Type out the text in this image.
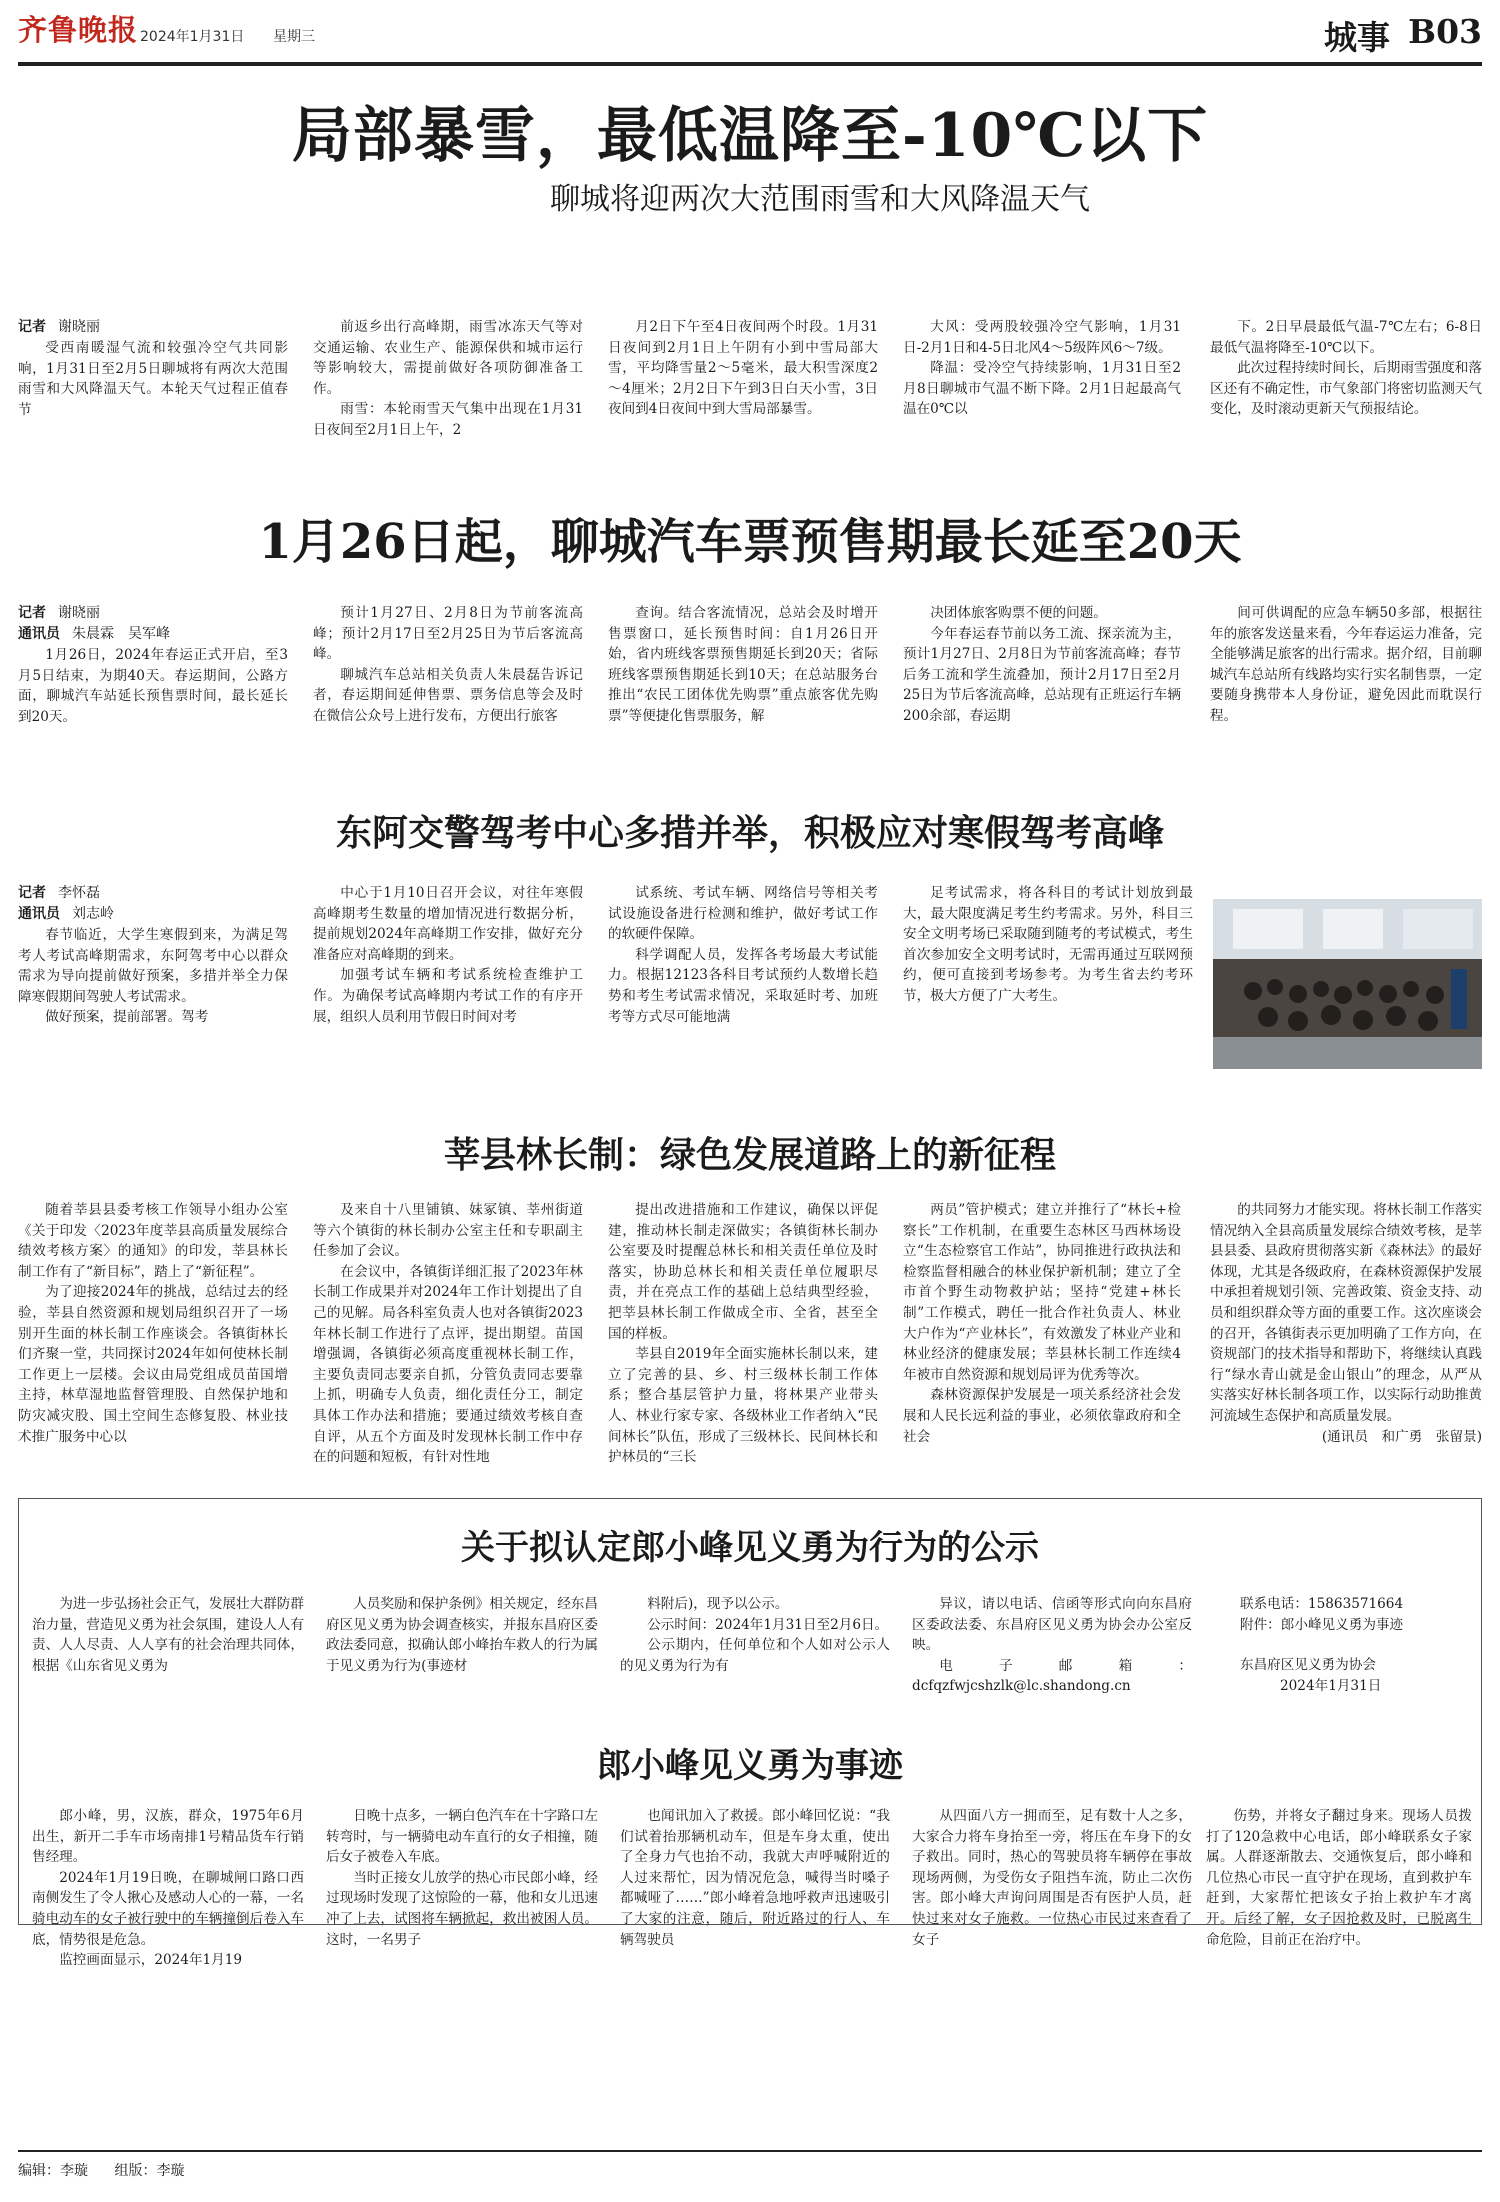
齐鲁晚报 2024年1月31日 星期三	城事 B03
局部暴雪，最低温降至-10℃以下
聊城将迎两次大范围雨雪和大风降温天气

记者 谢晓丽

受西南暖湿气流和较强冷空气共同影响，1月31日至2月5日聊城将有两次大范围雨雪和大风降温天气。本轮天气过程正值春节

前返乡出行高峰期，雨雪冰冻天气等对交通运输、农业生产、能源保供和城市运行等影响较大，需提前做好各项防御准备工作。

雨雪：本轮雨雪天气集中出现在1月31日夜间至2月1日上午，2

月2日下午至4日夜间两个时段。1月31日夜间到2月1日上午阴有小到中雪局部大雪，平均降雪量2～5毫米，最大积雪深度2～4厘米；2月2日下午到3日白天小雪，3日夜间到4日夜间中到大雪局部暴雪。

大风：受两股较强冷空气影响，1月31日-2月1日和4-5日北风4～5级阵风6～7级。

降温：受冷空气持续影响，1月31日至2月8日聊城市气温不断下降。2月1日起最高气温在0℃以

下。2日早晨最低气温-7℃左右；6-8日最低气温将降至-10℃以下。

此次过程持续时间长，后期雨雪强度和落区还有不确定性，市气象部门将密切监测天气变化，及时滚动更新天气预报结论。

1月26日起，聊城汽车票预售期最长延至20天

记者 谢晓丽

通讯员 朱晨霖　吴军峰

1月26日，2024年春运正式开启，至3月5日结束，为期40天。春运期间，公路方面，聊城汽车站延长预售票时间，最长延长到20天。

预计1月27日、2月8日为节前客流高峰；预计2月17日至2月25日为节后客流高峰。

聊城汽车总站相关负责人朱晨磊告诉记者，春运期间延伸售票、票务信息等会及时在微信公众号上进行发布，方便出行旅客

查询。结合客流情况，总站会及时增开售票窗口，延长预售时间：自1月26日开始，省内班线客票预售期延长到20天；省际班线客票预售期延长到10天；在总站服务台推出“农民工团体优先购票”重点旅客优先购票”等便捷化售票服务，解

决团体旅客购票不便的问题。

今年春运春节前以务工流、探亲流为主，预计1月27日、2月8日为节前客流高峰；春节后务工流和学生流叠加，预计2月17日至2月25日为节后客流高峰，总站现有正班运行车辆200余部，春运期

间可供调配的应急车辆50多部，根据往年的旅客发送量来看，今年春运运力准备，完全能够满足旅客的出行需求。据介绍，目前聊城汽车总站所有线路均实行实名制售票，一定要随身携带本人身份证，避免因此而耽误行程。

东阿交警驾考中心多措并举，积极应对寒假驾考高峰

记者 李怀磊

通讯员 刘志岭

春节临近，大学生寒假到来，为满足驾考人考试高峰期需求，东阿驾考中心以群众需求为导向提前做好预案，多措并举全力保障寒假期间驾驶人考试需求。

做好预案，提前部署。驾考

中心于1月10日召开会议，对往年寒假高峰期考生数量的增加情况进行数据分析，提前规划2024年高峰期工作安排，做好充分准备应对高峰期的到来。

加强考试车辆和考试系统检查维护工作。为确保考试高峰期内考试工作的有序开展，组织人员利用节假日时间对考

试系统、考试车辆、网络信号等相关考试设施设备进行检测和维护，做好考试工作的软硬件保障。

科学调配人员，发挥各考场最大考试能力。根据12123各科目考试预约人数增长趋势和考生考试需求情况，采取延时考、加班考等方式尽可能地满

足考试需求，将各科目的考试计划放到最大，最大限度满足考生约考需求。另外，科目三安全文明考场已采取随到随考的考试模式，考生首次参加安全文明考试时，无需再通过互联网预约，便可直接到考场参考。为考生省去约考环节，极大方便了广大考生。

莘县林长制：绿色发展道路上的新征程

随着莘县县委考核工作领导小组办公室《关于印发〈2023年度莘县高质量发展综合绩效考核方案〉的通知》的印发，莘县林长制工作有了“新目标”，踏上了“新征程”。

为了迎接2024年的挑战，总结过去的经验，莘县自然资源和规划局组织召开了一场别开生面的林长制工作座谈会。各镇街林长们齐聚一堂，共同探讨2024年如何使林长制工作更上一层楼。会议由局党组成员苗国增主持，林草湿地监督管理股、自然保护地和防灾减灾股、国土空间生态修复股、林业技术推广服务中心以

及来自十八里铺镇、妹冢镇、莘州街道等六个镇街的林长制办公室主任和专职副主任参加了会议。

在会议中，各镇街详细汇报了2023年林长制工作成果并对2024年工作计划提出了自己的见解。局各科室负责人也对各镇街2023年林长制工作进行了点评，提出期望。苗国增强调，各镇街必须高度重视林长制工作，主要负责同志要亲自抓，分管负责同志要靠上抓，明确专人负责，细化责任分工，制定具体工作办法和措施；要通过绩效考核自查自评，从五个方面及时发现林长制工作中存在的问题和短板，有针对性地

提出改进措施和工作建议，确保以评促建，推动林长制走深做实；各镇街林长制办公室要及时提醒总林长和相关责任单位及时落实，协助总林长和相关责任单位履职尽责，并在亮点工作的基础上总结典型经验，把莘县林长制工作做成全市、全省，甚至全国的样板。

莘县自2019年全面实施林长制以来，建立了完善的县、乡、村三级林长制工作体系；整合基层管护力量，将林果产业带头人、林业行家专家、各级林业工作者纳入“民间林长”队伍，形成了三级林长、民间林长和护林员的“三长

两员”管护模式；建立并推行了“林长+检察长”工作机制，在重要生态林区马西林场设立“生态检察官工作站”，协同推进行政执法和检察监督相融合的林业保护新机制；建立了全市首个野生动物救护站；坚持“党建+林长制”工作模式，聘任一批合作社负责人、林业大户作为“产业林长”，有效激发了林业产业和林业经济的健康发展；莘县林长制工作连续4年被市自然资源和规划局评为优秀等次。

森林资源保护发展是一项关系经济社会发展和人民长远利益的事业，必须依靠政府和全社会

的共同努力才能实现。将林长制工作落实情况纳入全县高质量发展综合绩效考核，是莘县县委、县政府贯彻落实新《森林法》的最好体现，尤其是各级政府，在森林资源保护发展中承担着规划引领、完善政策、资金支持、动员和组织群众等方面的重要工作。这次座谈会的召开，各镇街表示更加明确了工作方向，在资规部门的技术指导和帮助下，将继续认真践行“绿水青山就是金山银山”的理念，从严从实落实好林长制各项工作，以实际行动助推黄河流域生态保护和高质量发展。

(通讯员　和广勇　张留景)

关于拟认定郎小峰见义勇为行为的公示

为进一步弘扬社会正气，发展壮大群防群治力量，营造见义勇为社会氛围，建设人人有责、人人尽责、人人享有的社会治理共同体，根据《山东省见义勇为

人员奖励和保护条例》相关规定，经东昌府区见义勇为协会调查核实，并报东昌府区委政法委同意，拟确认郎小峰抬车救人的行为属于见义勇为行为(事迹材

料附后)，现予以公示。

公示时间：2024年1月31日至2月6日。

公示期内，任何单位和个人如对公示人的见义勇为行为有

异议，请以电话、信函等形式向向东昌府区委政法委、东昌府区见义勇为协会办公室反映。

电子邮箱：dcfqzfwjcshzlk@lc.shandong.cn

联系电话：15863571664

附件：郎小峰见义勇为事迹

东昌府区见义勇为协会

2024年1月31日

郎小峰见义勇为事迹

郎小峰，男，汉族，群众，1975年6月出生，新开二手车市场南排1号精品货车行销售经理。

2024年1月19日晚，在聊城闸口路口西南侧发生了令人揪心及感动人心的一幕，一名骑电动车的女子被行驶中的车辆撞倒后卷入车底，情势很是危急。

监控画面显示，2024年1月19

日晚十点多，一辆白色汽车在十字路口左转弯时，与一辆骑电动车直行的女子相撞，随后女子被卷入车底。

当时正接女儿放学的热心市民郎小峰，经过现场时发现了这惊险的一幕，他和女儿迅速冲了上去，试图将车辆掀起，救出被困人员。这时，一名男子

也闻讯加入了救援。郎小峰回忆说：“我们试着抬那辆机动车，但是车身太重，使出了全身力气也抬不动，我就大声呼喊附近的人过来帮忙，因为情况危急，喊得当时嗓子都喊哑了……”郎小峰着急地呼救声迅速吸引了大家的注意，随后，附近路过的行人、车辆驾驶员

从四面八方一拥而至，足有数十人之多，大家合力将车身抬至一旁，将压在车身下的女子救出。同时，热心的驾驶员将车辆停在事故现场两侧，为受伤女子阻挡车流，防止二次伤害。郎小峰大声询问周围是否有医护人员，赶快过来对女子施救。一位热心市民过来查看了女子

伤势，并将女子翻过身来。现场人员拨打了120急救中心电话，郎小峰联系女子家属。人群逐渐散去、交通恢复后，郎小峰和几位热心市民一直守护在现场，直到救护车赶到，大家帮忙把该女子抬上救护车才离开。后经了解，女子因抢救及时，已脱离生命危险，目前正在治疗中。

编辑：李璇 组版：李璇
